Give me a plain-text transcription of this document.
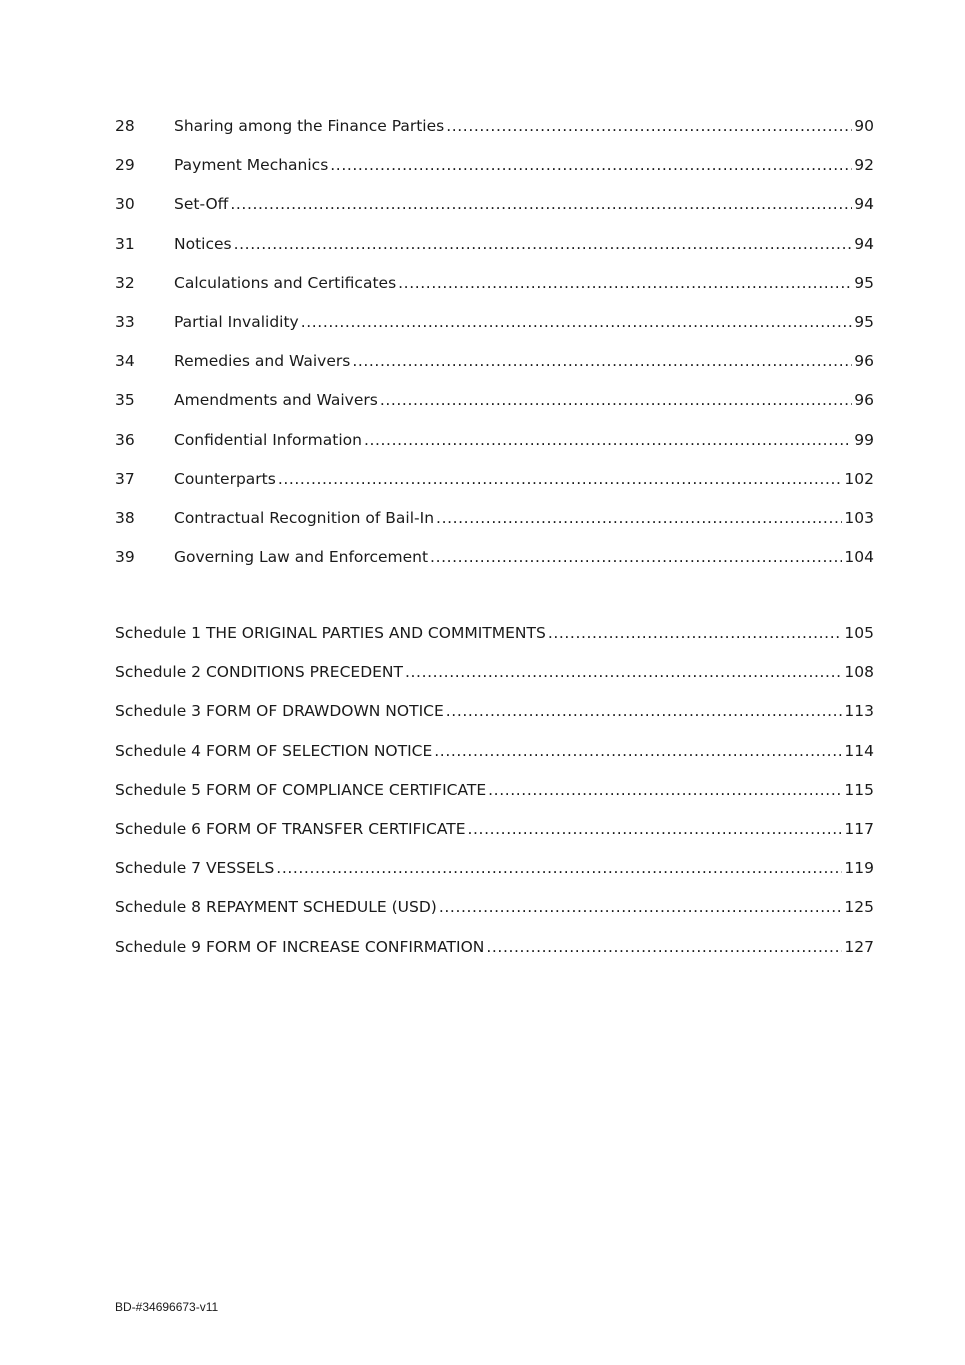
28	Sharing among the Finance Parties .....	90
29	Payment Mechanics .....	92
30	Set-Off .....	94
31	Notices .....	94
32	Calculations and Certificates .....	95
33	Partial Invalidity .....	95
34	Remedies and Waivers .....	96
35	Amendments and Waivers .....	96
36	Confidential Information .....	99
37	Counterparts .....	102
38	Contractual Recognition of Bail-In .....	103
39	Governing Law and Enforcement .....	104
Schedule 1 THE ORIGINAL PARTIES AND COMMITMENTS .....	105
Schedule 2 CONDITIONS PRECEDENT .....	108
Schedule 3 FORM OF DRAWDOWN NOTICE .....	113
Schedule 4 FORM OF SELECTION NOTICE .....	114
Schedule 5 FORM OF COMPLIANCE CERTIFICATE .....	115
Schedule 6 FORM OF TRANSFER CERTIFICATE .....	117
Schedule 7 VESSELS .....	119
Schedule 8 REPAYMENT SCHEDULE (USD) .....	125
Schedule 9 FORM OF INCREASE CONFIRMATION .....	127
BD-#34696673-v11
